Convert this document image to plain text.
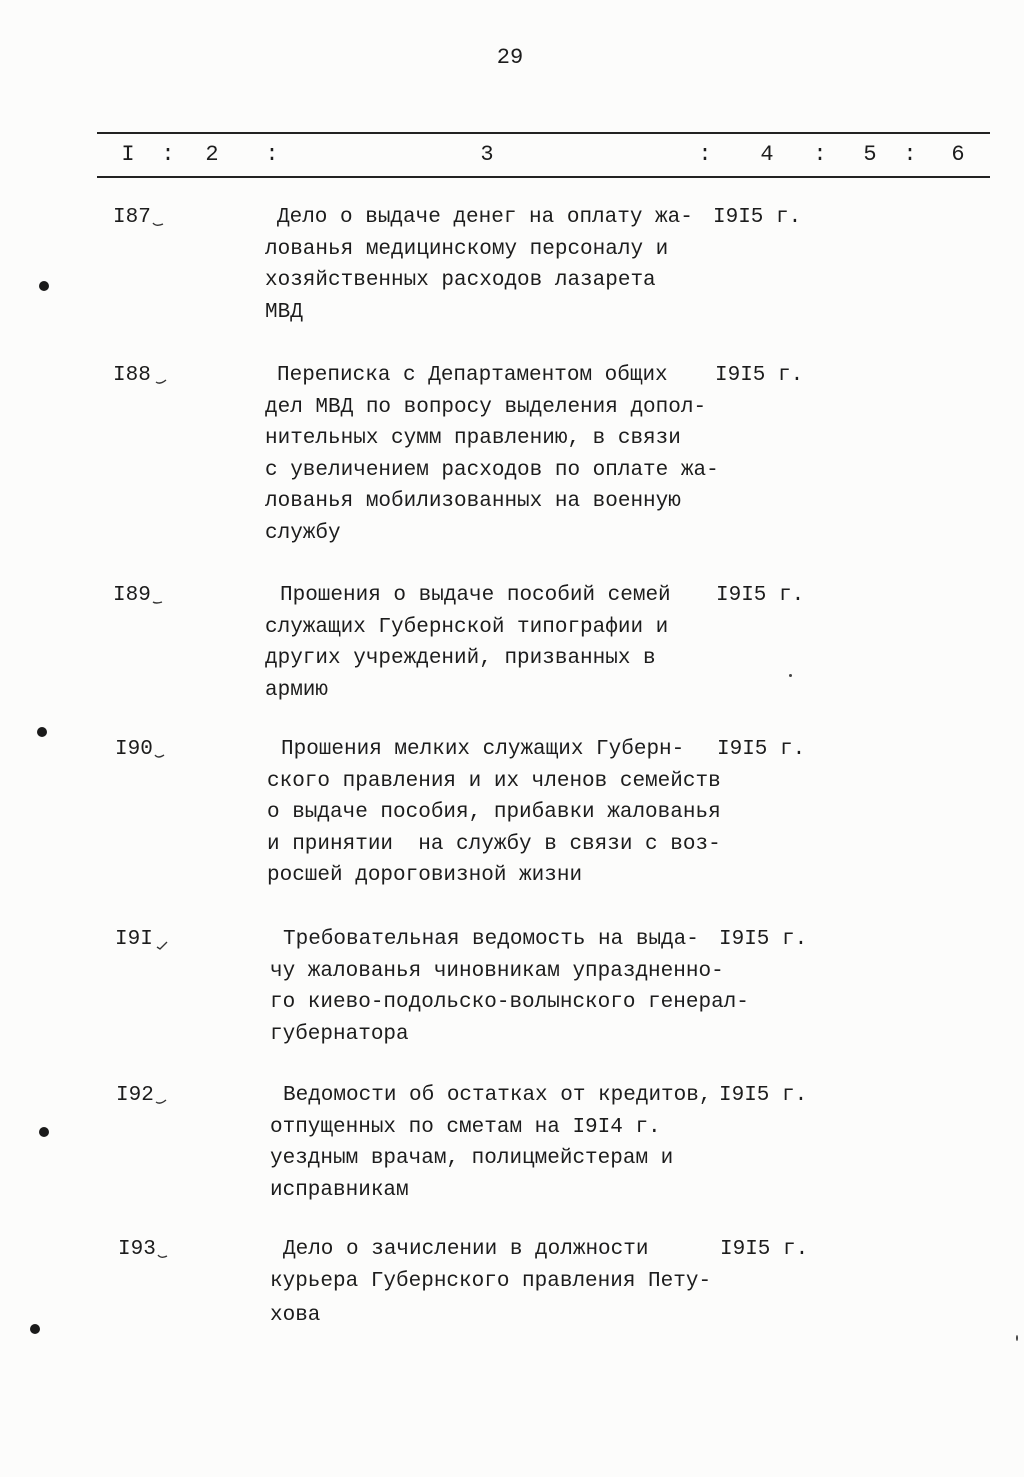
29
I : 2 :	3	: 4 : 5 : 6
I87	Дело о выдаче денег на оплату жа-
лованья медицинскому персоналу и
хозяйственных расходов лазарета
МВД
I9I5 г.
I88	Переписка с Департаментом общих
дел МВД по вопросу выделения допол-
нительных сумм правлению, в связи
с увеличением расходов по оплате жа-
лованья мобилизованных на военную
службу
I9I5 г.
I89	Прошения о выдаче пособий семей
служащих Губернской типографии и
других учреждений, призванных в
армию
I9I5 г.
I90	Прошения мелких служащих Губерн-
ского правления и их членов семейств
о выдаче пособия, прибавки жалованья
и принятии  на службу в связи с воз-
росшей дороговизной жизни
I9I5 г.
I9I	Требовательная ведомость на выда-
чу жалованья чиновникам упраздненно-
го киево-подольско-волынского генерал-
губернатора
I9I5 г.
I92	Ведомости об остатках от кредитов,
отпущенных по сметам на I9I4 г.
уездным врачам, полицмейстерам и
исправникам
I9I5 г.
I93	Дело о зачислении в должности
курьера Губернского правления Пету-
хова
I9I5 г.
